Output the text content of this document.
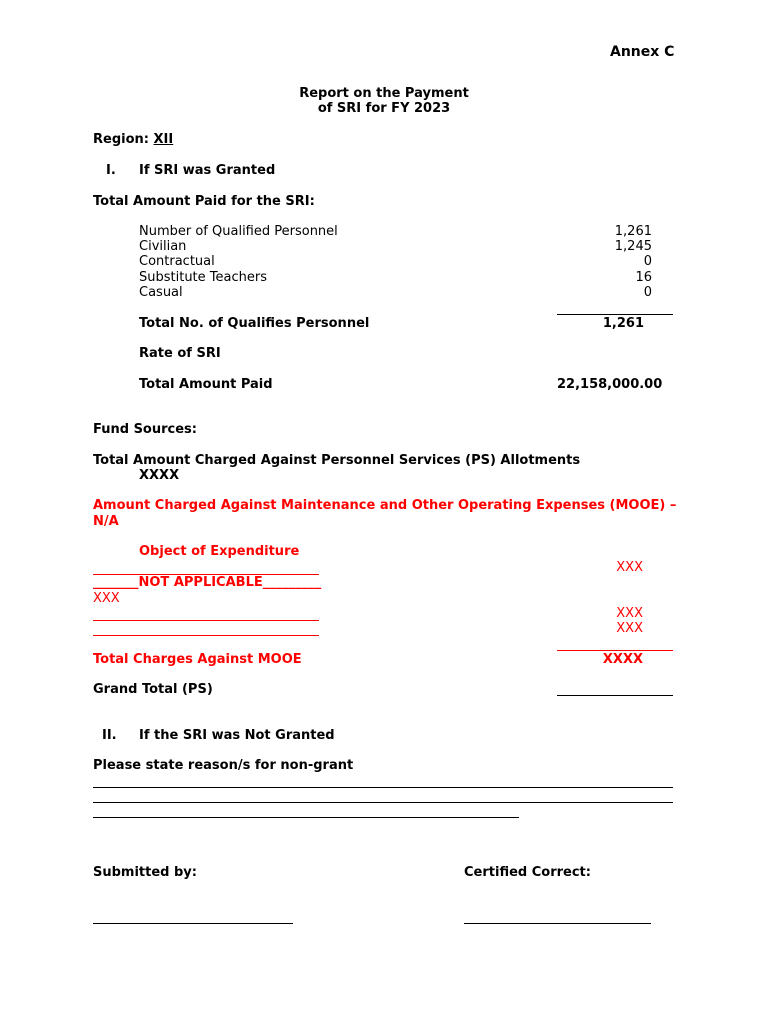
Annex C
Report on the Payment
of SRI for FY 2023
Region: XII
I. If SRI was Granted
Total Amount Paid for the SRI:
Number of Qualified Personnel	1,261
Civilian	1,245
Contractual	0
Substitute Teachers	16
Casual	0
Total No. of Qualifies Personnel	1,261
Rate of SRI
Total Amount Paid	22,158,000.00
Fund Sources:
Total Amount Charged Against Personnel Services (PS) Allotments
XXXX
Amount Charged Against Maintenance and Other Operating Expenses (MOOE) –
N/A
Object of Expenditure
XXX
_______NOT APPLICABLE_________
XXX
XXX
XXX
Total Charges Against MOOE	XXXX
Grand Total (PS)
II. If the SRI was Not Granted
Please state reason/s for non-grant
Submitted by:	Certified Correct:
